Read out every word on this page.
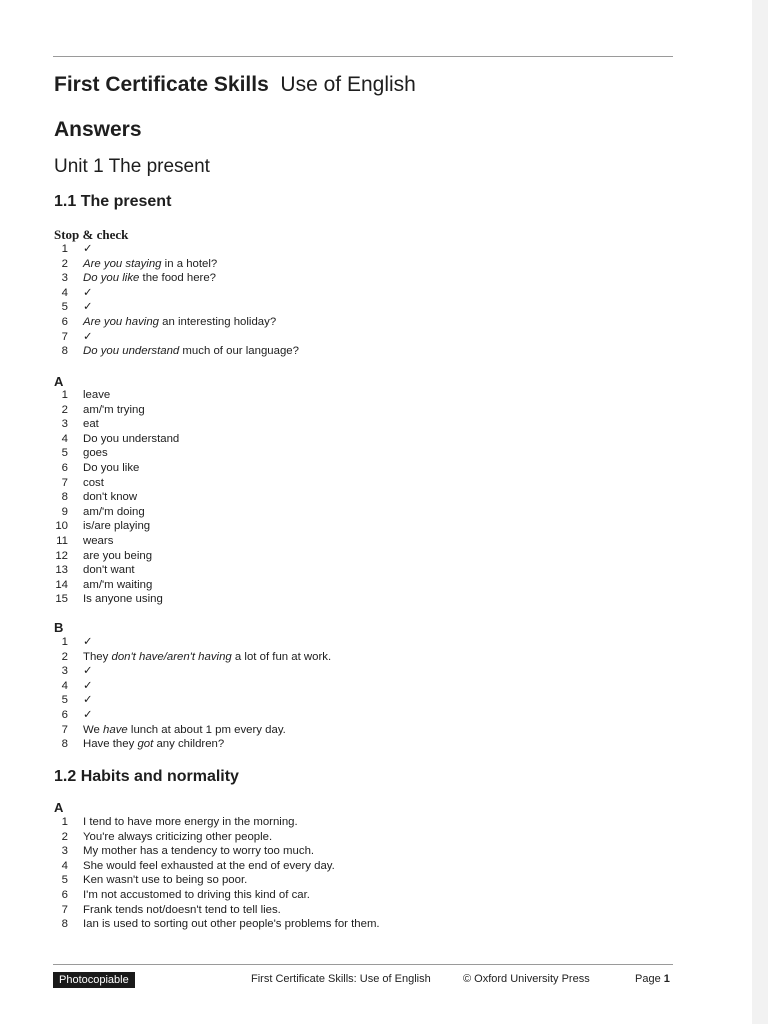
First Certificate Skills Use of English
Answers
Unit 1 The present
1.1 The present
Stop & check
1 ✓
2 Are you staying in a hotel?
3 Do you like the food here?
4 ✓
5 ✓
6 Are you having an interesting holiday?
7 ✓
8 Do you understand much of our language?
A
1 leave
2 am/'m trying
3 eat
4 Do you understand
5 goes
6 Do you like
7 cost
8 don't know
9 am/'m doing
10 is/are playing
11 wears
12 are you being
13 don't want
14 am/'m waiting
15 Is anyone using
B
1 ✓
2 They don't have/aren't having a lot of fun at work.
3 ✓
4 ✓
5 ✓
6 ✓
7 We have lunch at about 1 pm every day.
8 Have they got any children?
1.2 Habits and normality
A
1 I tend to have more energy in the morning.
2 You're always criticizing other people.
3 My mother has a tendency to worry too much.
4 She would feel exhausted at the end of every day.
5 Ken wasn't use to being so poor.
6 I'm not accustomed to driving this kind of car.
7 Frank tends not/doesn't tend to tell lies.
8 Ian is used to sorting out other people's problems for them.
Photocopiable	First Certificate Skills: Use of English	© Oxford University Press	Page 1
